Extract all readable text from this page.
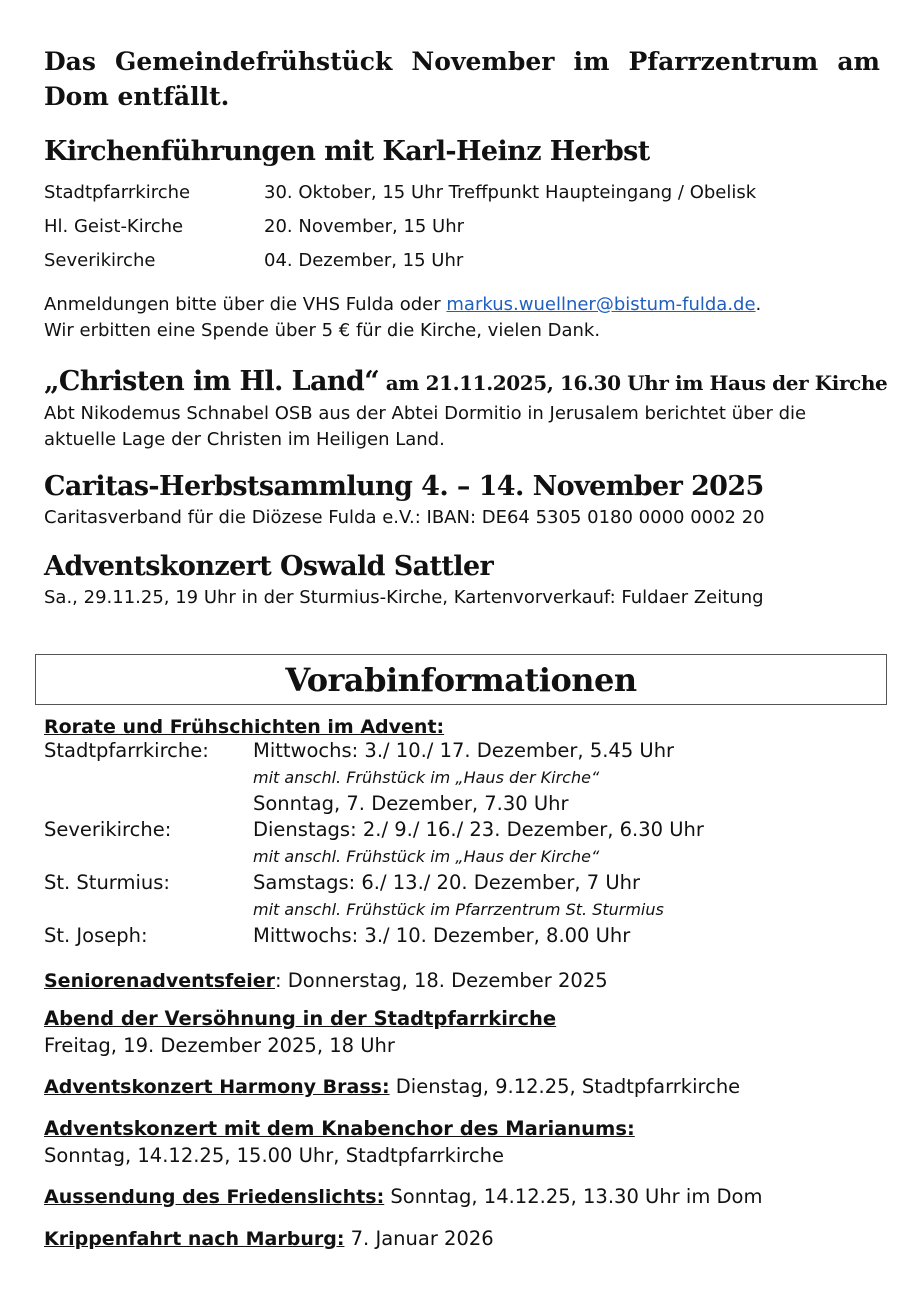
Das Gemeindefrühstück November im Pfarrzentrum am Dom entfällt.

Kirchenführungen mit Karl-Heinz Herbst
Stadtpfarrkirche	30. Oktober, 15 Uhr Treffpunkt Haupteingang / Obelisk
Hl. Geist-Kirche	20. November, 15 Uhr
Severikirche	04. Dezember, 15 Uhr

Anmeldungen bitte über die VHS Fulda oder markus.wuellner@bistum-fulda.de.

Wir erbitten eine Spende über 5 € für die Kirche, vielen Dank.

„Christen im Hl. Land“ am 21.11.2025, 16.30 Uhr im Haus der Kirche

Abt Nikodemus Schnabel OSB aus der Abtei Dormitio in Jerusalem berichtet über die aktuelle Lage der Christen im Heiligen Land.

Caritas-Herbstsammlung 4. – 14. November 2025

Caritasverband für die Diözese Fulda e.V.: IBAN: DE64 5305 0180 0000 0002 20

Adventskonzert Oswald Sattler

Sa., 29.11.25, 19 Uhr in der Sturmius-Kirche, Kartenvorverkauf: Fuldaer Zeitung

Vorabinformationen
Rorate und Frühschichten im Advent:
Stadtpfarrkirche:	Mittwochs: 3./ 10./ 17. Dezember, 5.45 Uhr
mit anschl. Frühstück im „Haus der Kirche“
Sonntag, 7. Dezember, 7.30 Uhr
Severikirche:	Dienstags: 2./ 9./ 16./ 23. Dezember, 6.30 Uhr
mit anschl. Frühstück im „Haus der Kirche“
St. Sturmius:	Samstags: 6./ 13./ 20. Dezember, 7 Uhr
mit anschl. Frühstück im Pfarrzentrum St. Sturmius
St. Joseph:	Mittwochs: 3./ 10. Dezember, 8.00 Uhr
Seniorenadventsfeier: Donnerstag, 18. Dezember 2025
Abend der Versöhnung in der Stadtpfarrkirche
Freitag, 19. Dezember 2025, 18 Uhr
Adventskonzert Harmony Brass: Dienstag, 9.12.25, Stadtpfarrkirche
Adventskonzert mit dem Knabenchor des Marianums:
Sonntag, 14.12.25, 15.00 Uhr, Stadtpfarrkirche
Aussendung des Friedenslichts: Sonntag, 14.12.25, 13.30 Uhr im Dom
Krippenfahrt nach Marburg: 7. Januar 2026
